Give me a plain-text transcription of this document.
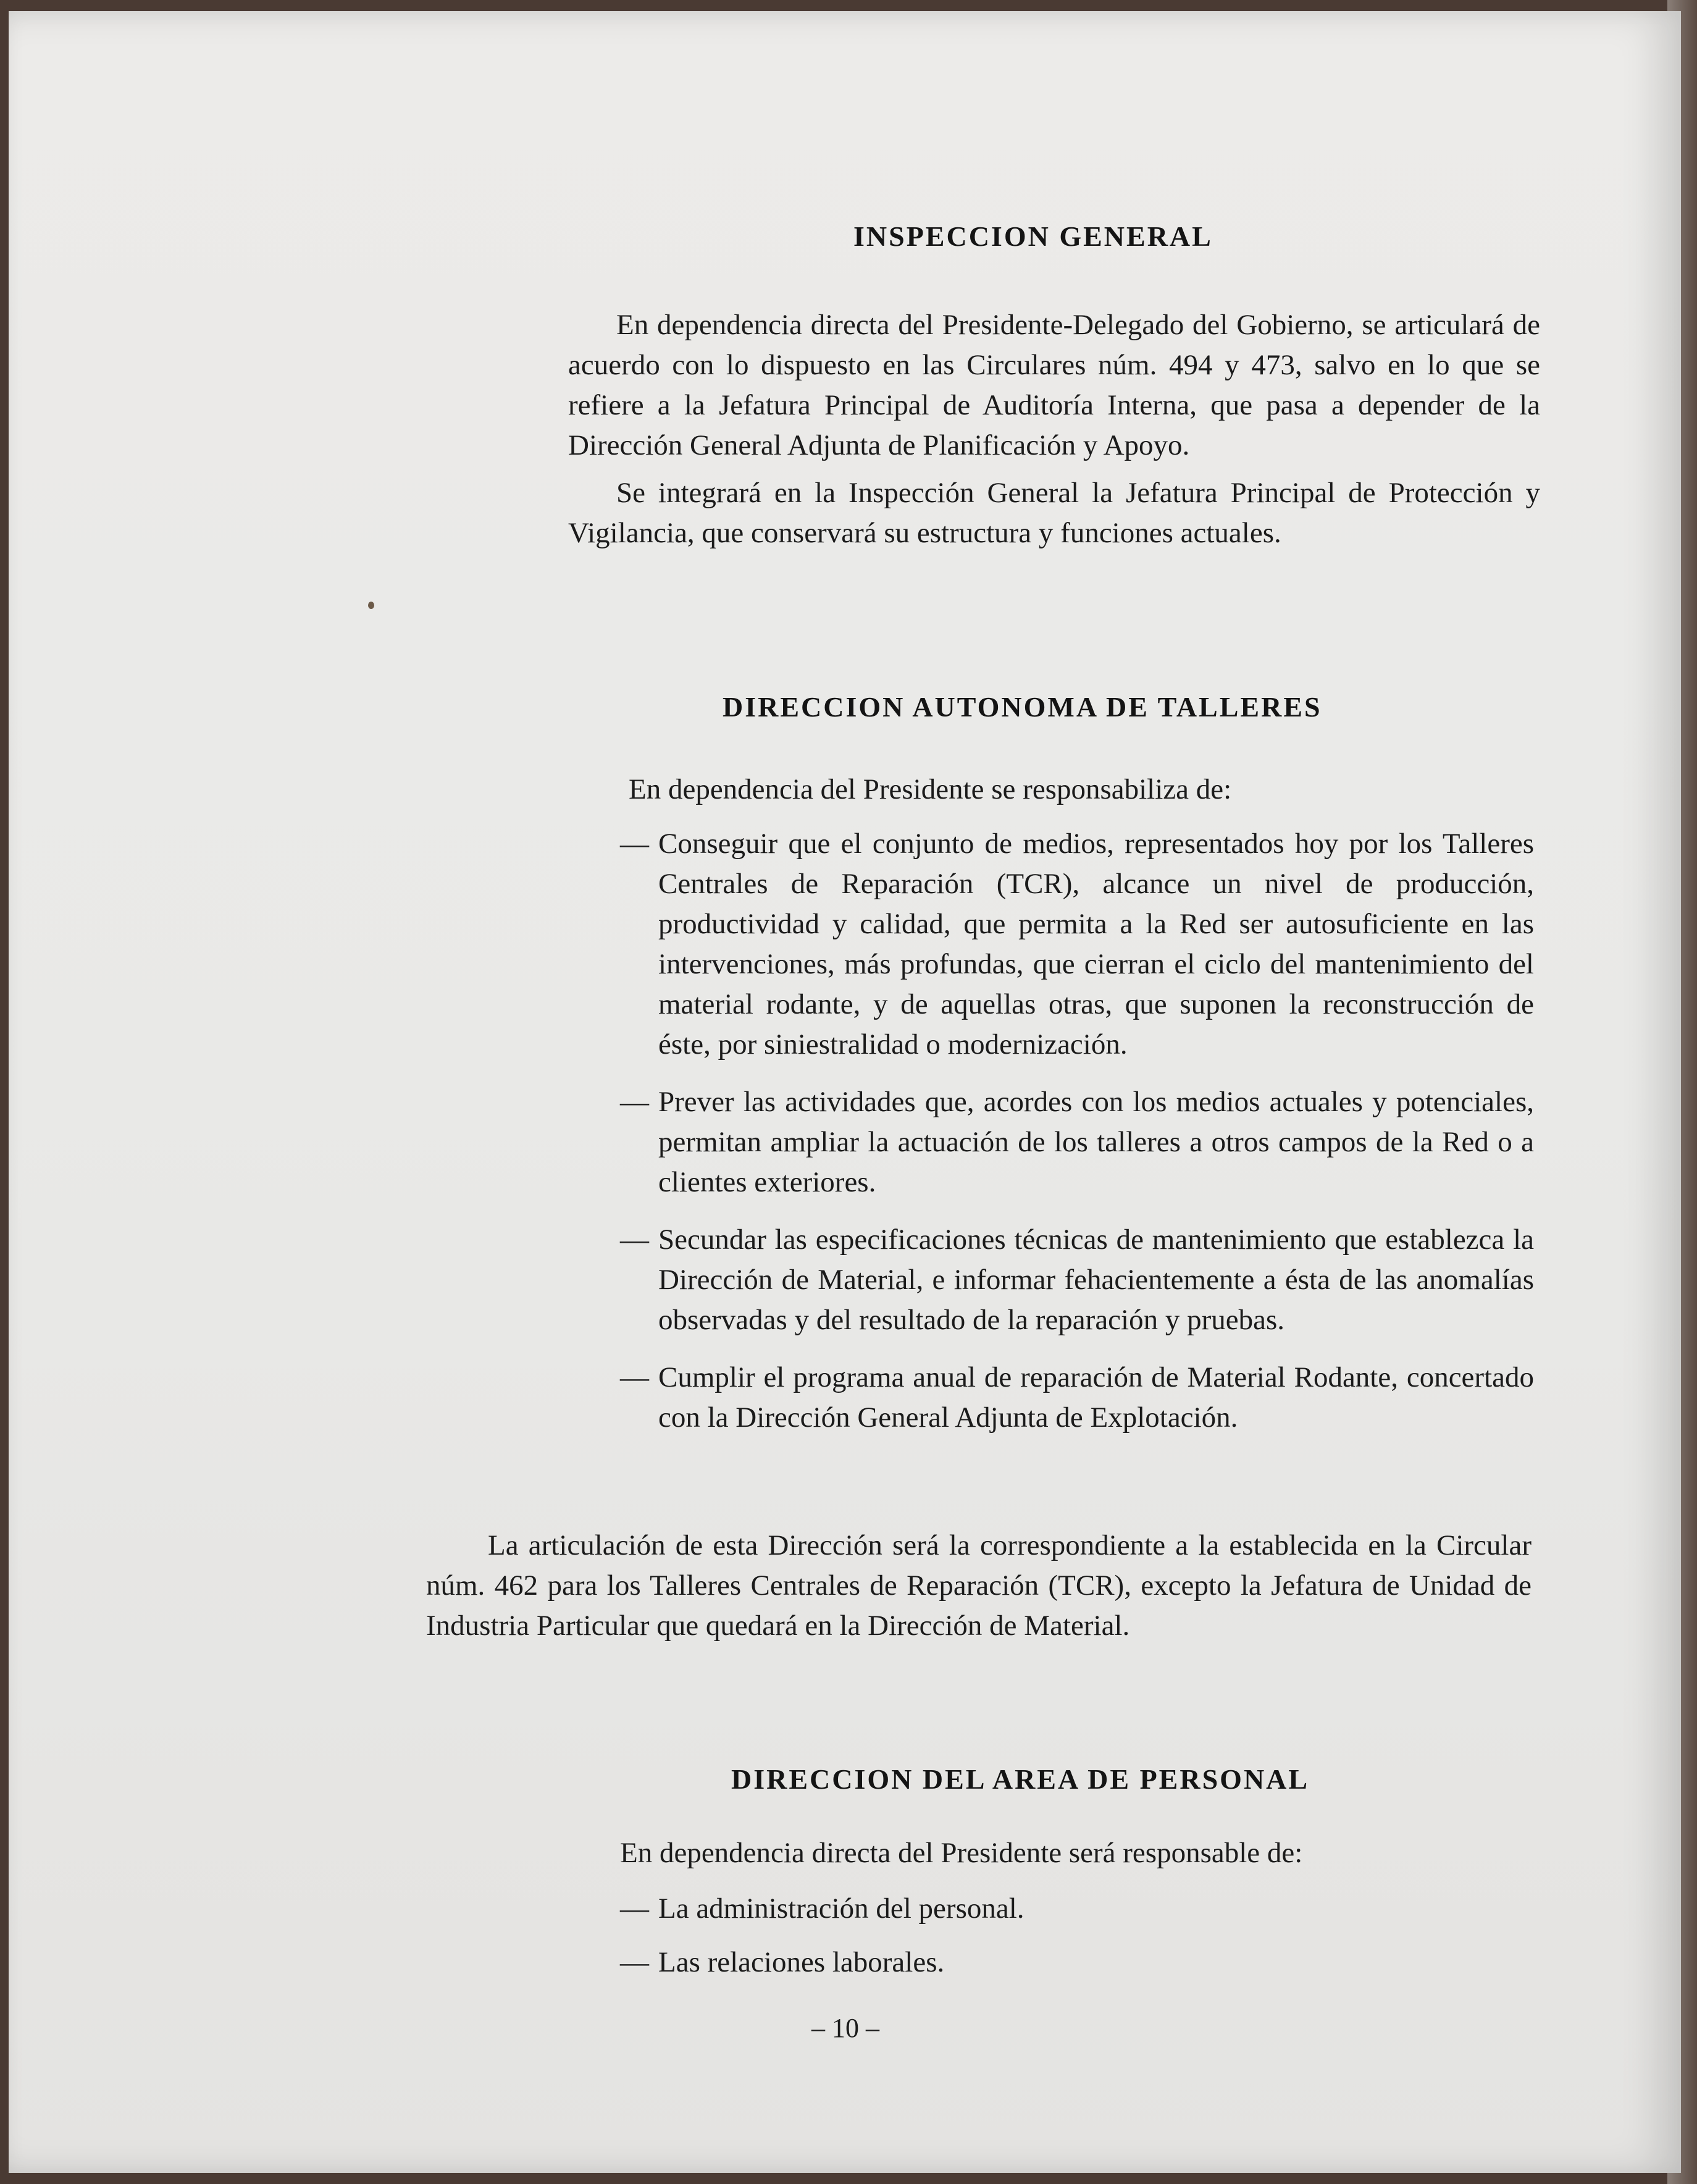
INSPECCION GENERAL

En dependencia directa del Presidente-Delegado del Gobierno, se articulará de acuerdo con lo dispuesto en las Circulares núm. 494 y 473, salvo en lo que se refiere a la Jefatura Principal de Auditoría Interna, que pasa a depender de la Dirección General Adjunta de Planificación y Apoyo.

Se integrará en la Inspección General la Jefatura Principal de Protección y Vigilancia, que conservará su estructura y funciones actuales.

DIRECCION AUTONOMA DE TALLERES
En dependencia del Presidente se responsabiliza de:
— Conseguir que el conjunto de medios, representados hoy por los Talleres Centrales de Reparación (TCR), alcance un nivel de producción, productividad y calidad, que permita a la Red ser autosuficiente en las intervenciones, más profundas, que cierran el ciclo del mantenimiento del material rodante, y de aquellas otras, que suponen la reconstrucción de éste, por siniestralidad o modernización.
— Prever las actividades que, acordes con los medios actuales y potenciales, permitan ampliar la actuación de los talleres a otros campos de la Red o a clientes exteriores.
— Secundar las especificaciones técnicas de mantenimiento que establezca la Dirección de Material, e informar fehacientemente a ésta de las anomalías observadas y del resultado de la reparación y pruebas.
— Cumplir el programa anual de reparación de Material Rodante, concertado con la Dirección General Adjunta de Explotación.

La articulación de esta Dirección será la correspondiente a la establecida en la Circular núm. 462 para los Talleres Centrales de Reparación (TCR), excepto la Jefatura de Unidad de Industria Particular que quedará en la Dirección de Material.

DIRECCION DEL AREA DE PERSONAL
En dependencia directa del Presidente será responsable de:
— La administración del personal.
— Las relaciones laborales.
– 10 –
